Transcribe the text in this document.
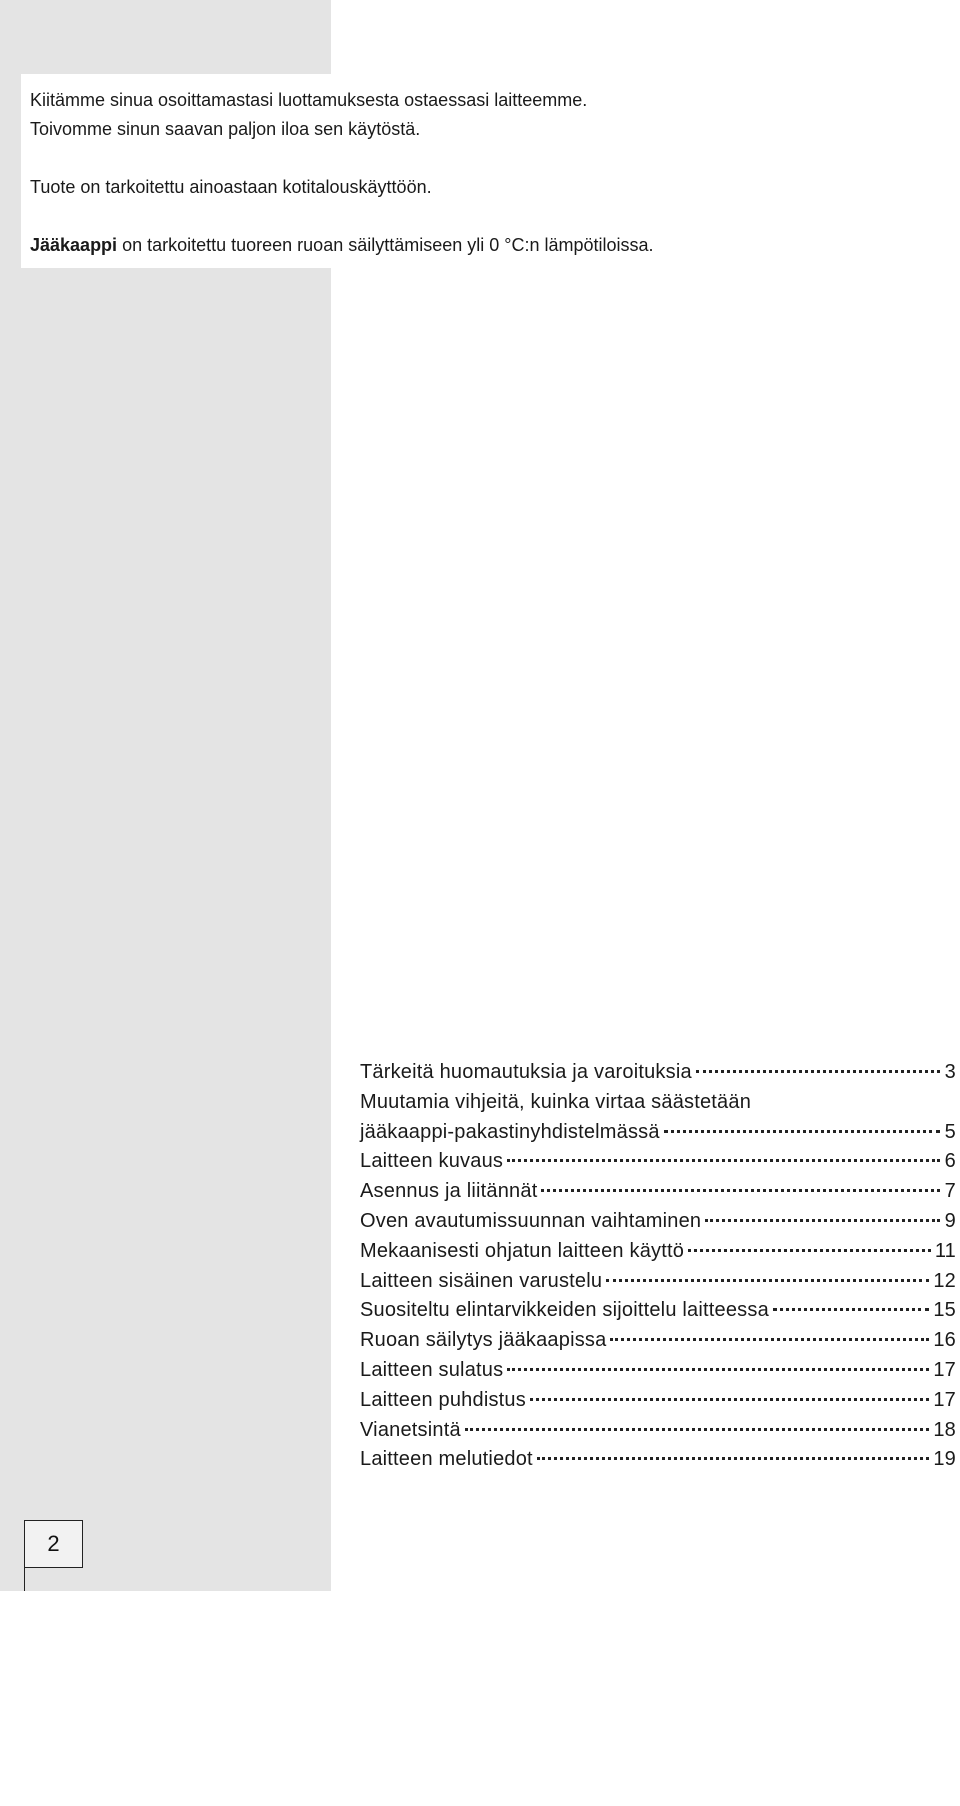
Kiitämme sinua osoittamastasi luottamuksesta ostaessasi laitteemme.

Toivomme sinun saavan paljon iloa sen käytöstä.

Tuote on tarkoitettu ainoastaan kotitalouskäyttöön.

Jääkaappi on tarkoitettu tuoreen ruoan säilyttämiseen yli 0 °C:n lämpötiloissa.

Tärkeitä huomautuksia ja varoituksia	3
Muutamia vihjeitä, kuinka virtaa säästetään
jääkaappi-pakastinyhdistelmässä	5
Laitteen kuvaus	6
Asennus ja liitännät	7
Oven avautumissuunnan vaihtaminen	9
Mekaanisesti ohjatun laitteen käyttö	11
Laitteen sisäinen varustelu	12
Suositeltu elintarvikkeiden sijoittelu laitteessa	15
Ruoan säilytys jääkaapissa	16
Laitteen sulatus	17
Laitteen puhdistus	17
Vianetsintä	18
Laitteen melutiedot	19
2
